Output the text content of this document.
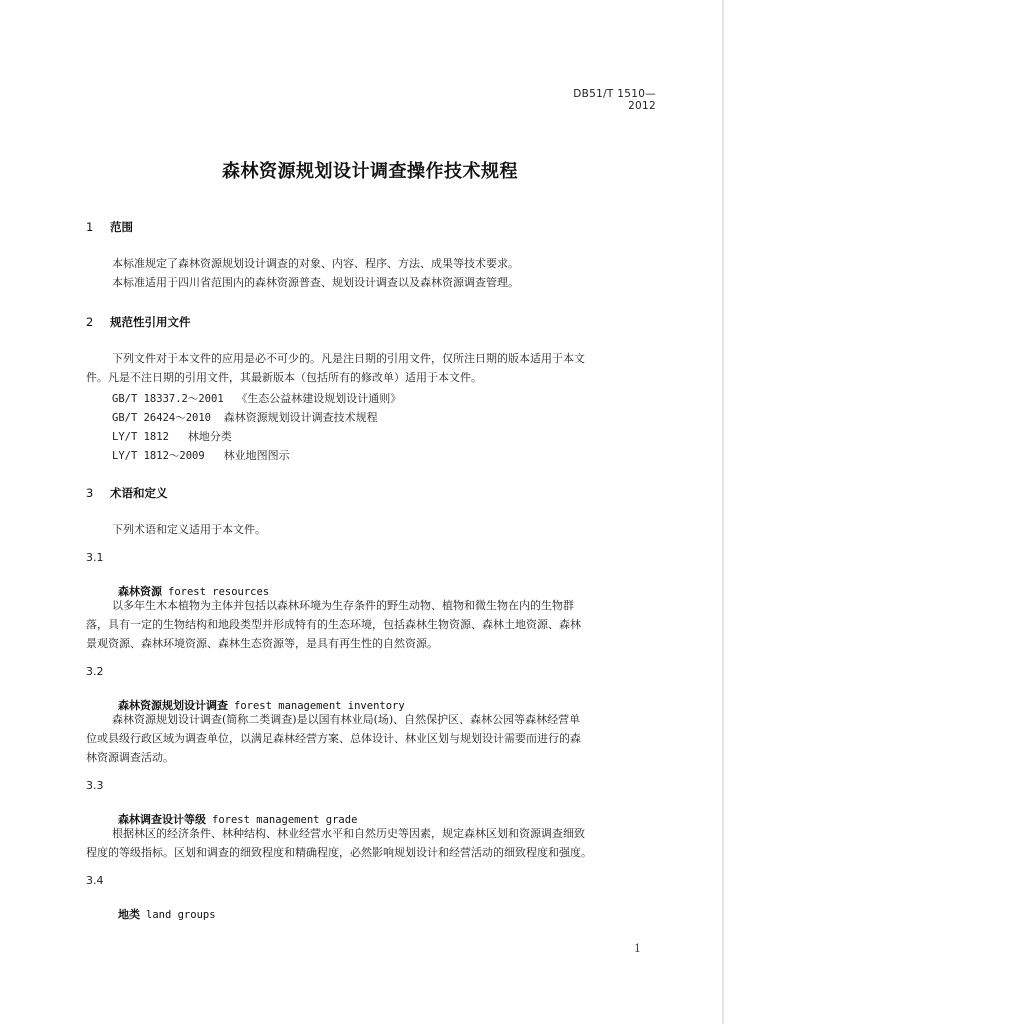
DB51/T 1510—2012
森林资源规划设计调查操作技术规程
1 范围
本标准规定了森林资源规划设计调查的对象、内容、程序、方法、成果等技术要求。
本标准适用于四川省范围内的森林资源普查、规划设计调查以及森林资源调查管理。
2 规范性引用文件
下列文件对于本文件的应用是必不可少的。凡是注日期的引用文件，仅所注日期的版本适用于本文
件。凡是不注日期的引用文件，其最新版本（包括所有的修改单）适用于本文件。
GB/T 18337.2～2001 《生态公益林建设规划设计通则》
GB/T 26424～2010 森林资源规划设计调查技术规程
LY/T 1812 林地分类
LY/T 1812～2009 林业地图图示
3 术语和定义
下列术语和定义适用于本文件。
3.1
森林资源 forest resources
以多年生木本植物为主体并包括以森林环境为生存条件的野生动物、植物和微生物在内的生物群
落，具有一定的生物结构和地段类型并形成特有的生态环境，包括森林生物资源、森林土地资源、森林
景观资源、森林环境资源、森林生态资源等，是具有再生性的自然资源。
3.2
森林资源规划设计调查 forest management inventory
森林资源规划设计调查(简称二类调查)是以国有林业局(场)、自然保护区、森林公园等森林经营单
位或县级行政区域为调查单位，以满足森林经营方案、总体设计、林业区划与规划设计需要而进行的森
林资源调查活动。
3.3
森林调查设计等级 forest management grade
根据林区的经济条件、林种结构、林业经营水平和自然历史等因素，规定森林区划和资源调查细致
程度的等级指标。区划和调查的细致程度和精确程度，必然影响规划设计和经营活动的细致程度和强度。
3.4
地类 land groups
1
